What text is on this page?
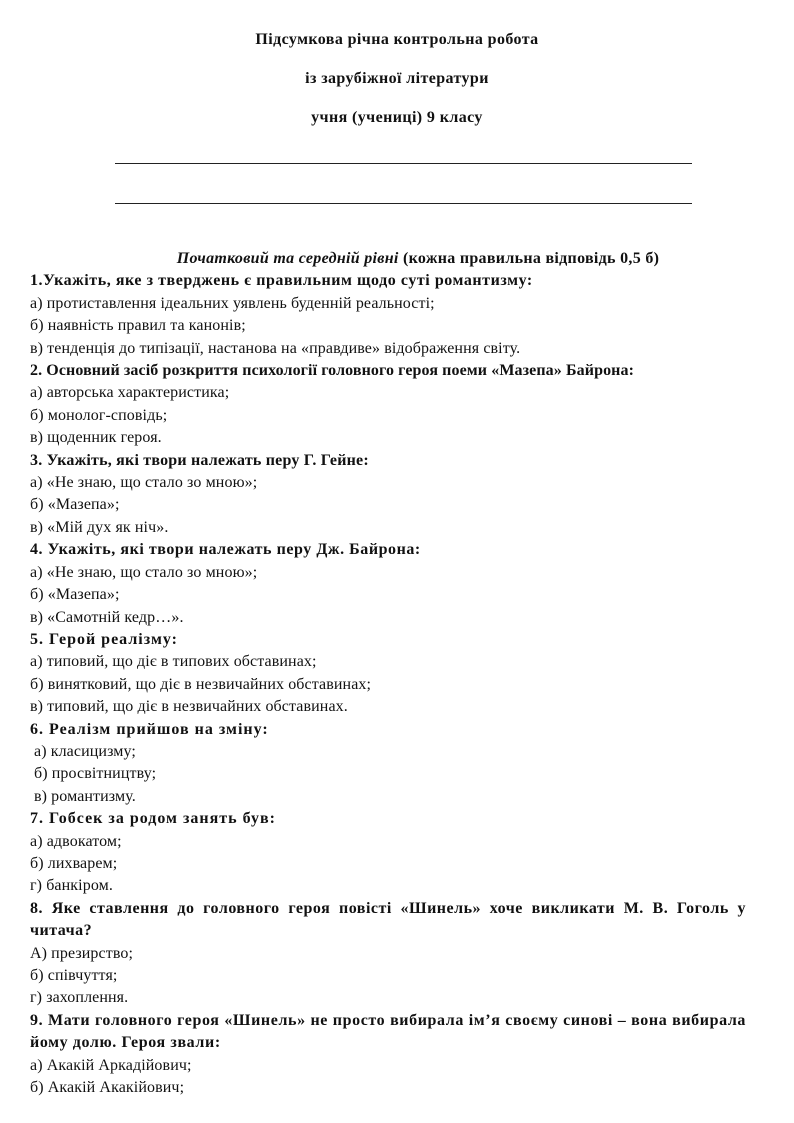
Підсумкова річна контрольна робота
із зарубіжної літератури
учня (учениці) 9 класу
Початковий та середній рівні (кожна правильна відповідь 0,5 б)
1.Укажіть, яке з тверджень є правильним щодо суті романтизму:
а) протиставлення ідеальних уявлень буденній реальності;
б) наявність правил та канонів;
в) тенденція до типізації, настанова на «правдиве» відображення світу.
2. Основний засіб розкриття психології головного героя поеми «Мазепа» Байрона:
а) авторська характеристика;
б) монолог-сповідь;
в) щоденник героя.
3. Укажіть, які твори належать перу Г. Гейне:
а) «Не знаю, що стало зо мною»;
б) «Мазепа»;
в) «Мій дух як ніч».
4. Укажіть, які твори належать перу Дж. Байрона:
а) «Не знаю, що стало зо мною»;
б) «Мазепа»;
в) «Самотній кедр…».
5. Герой реалізму:
а) типовий, що діє в типових обставинах;
б) винятковий, що діє в незвичайних обставинах;
в) типовий, що діє в незвичайних обставинах.
6. Реалізм прийшов на зміну:
а) класицизму;
б) просвітництву;
в) романтизму.
7. Гобсек за родом занять був:
а) адвокатом;
б) лихварем;
г) банкіром.
8. Яке ставлення до головного героя повісті «Шинель» хоче викликати М. В. Гоголь у читача?
А) презирство;
б) співчуття;
г) захоплення.
9. Мати головного героя «Шинель» не просто вибирала ім’я своєму синові – вона вибирала йому долю. Героя звали:
а) Акакій Аркадійович;
б) Акакій Акакійович;
